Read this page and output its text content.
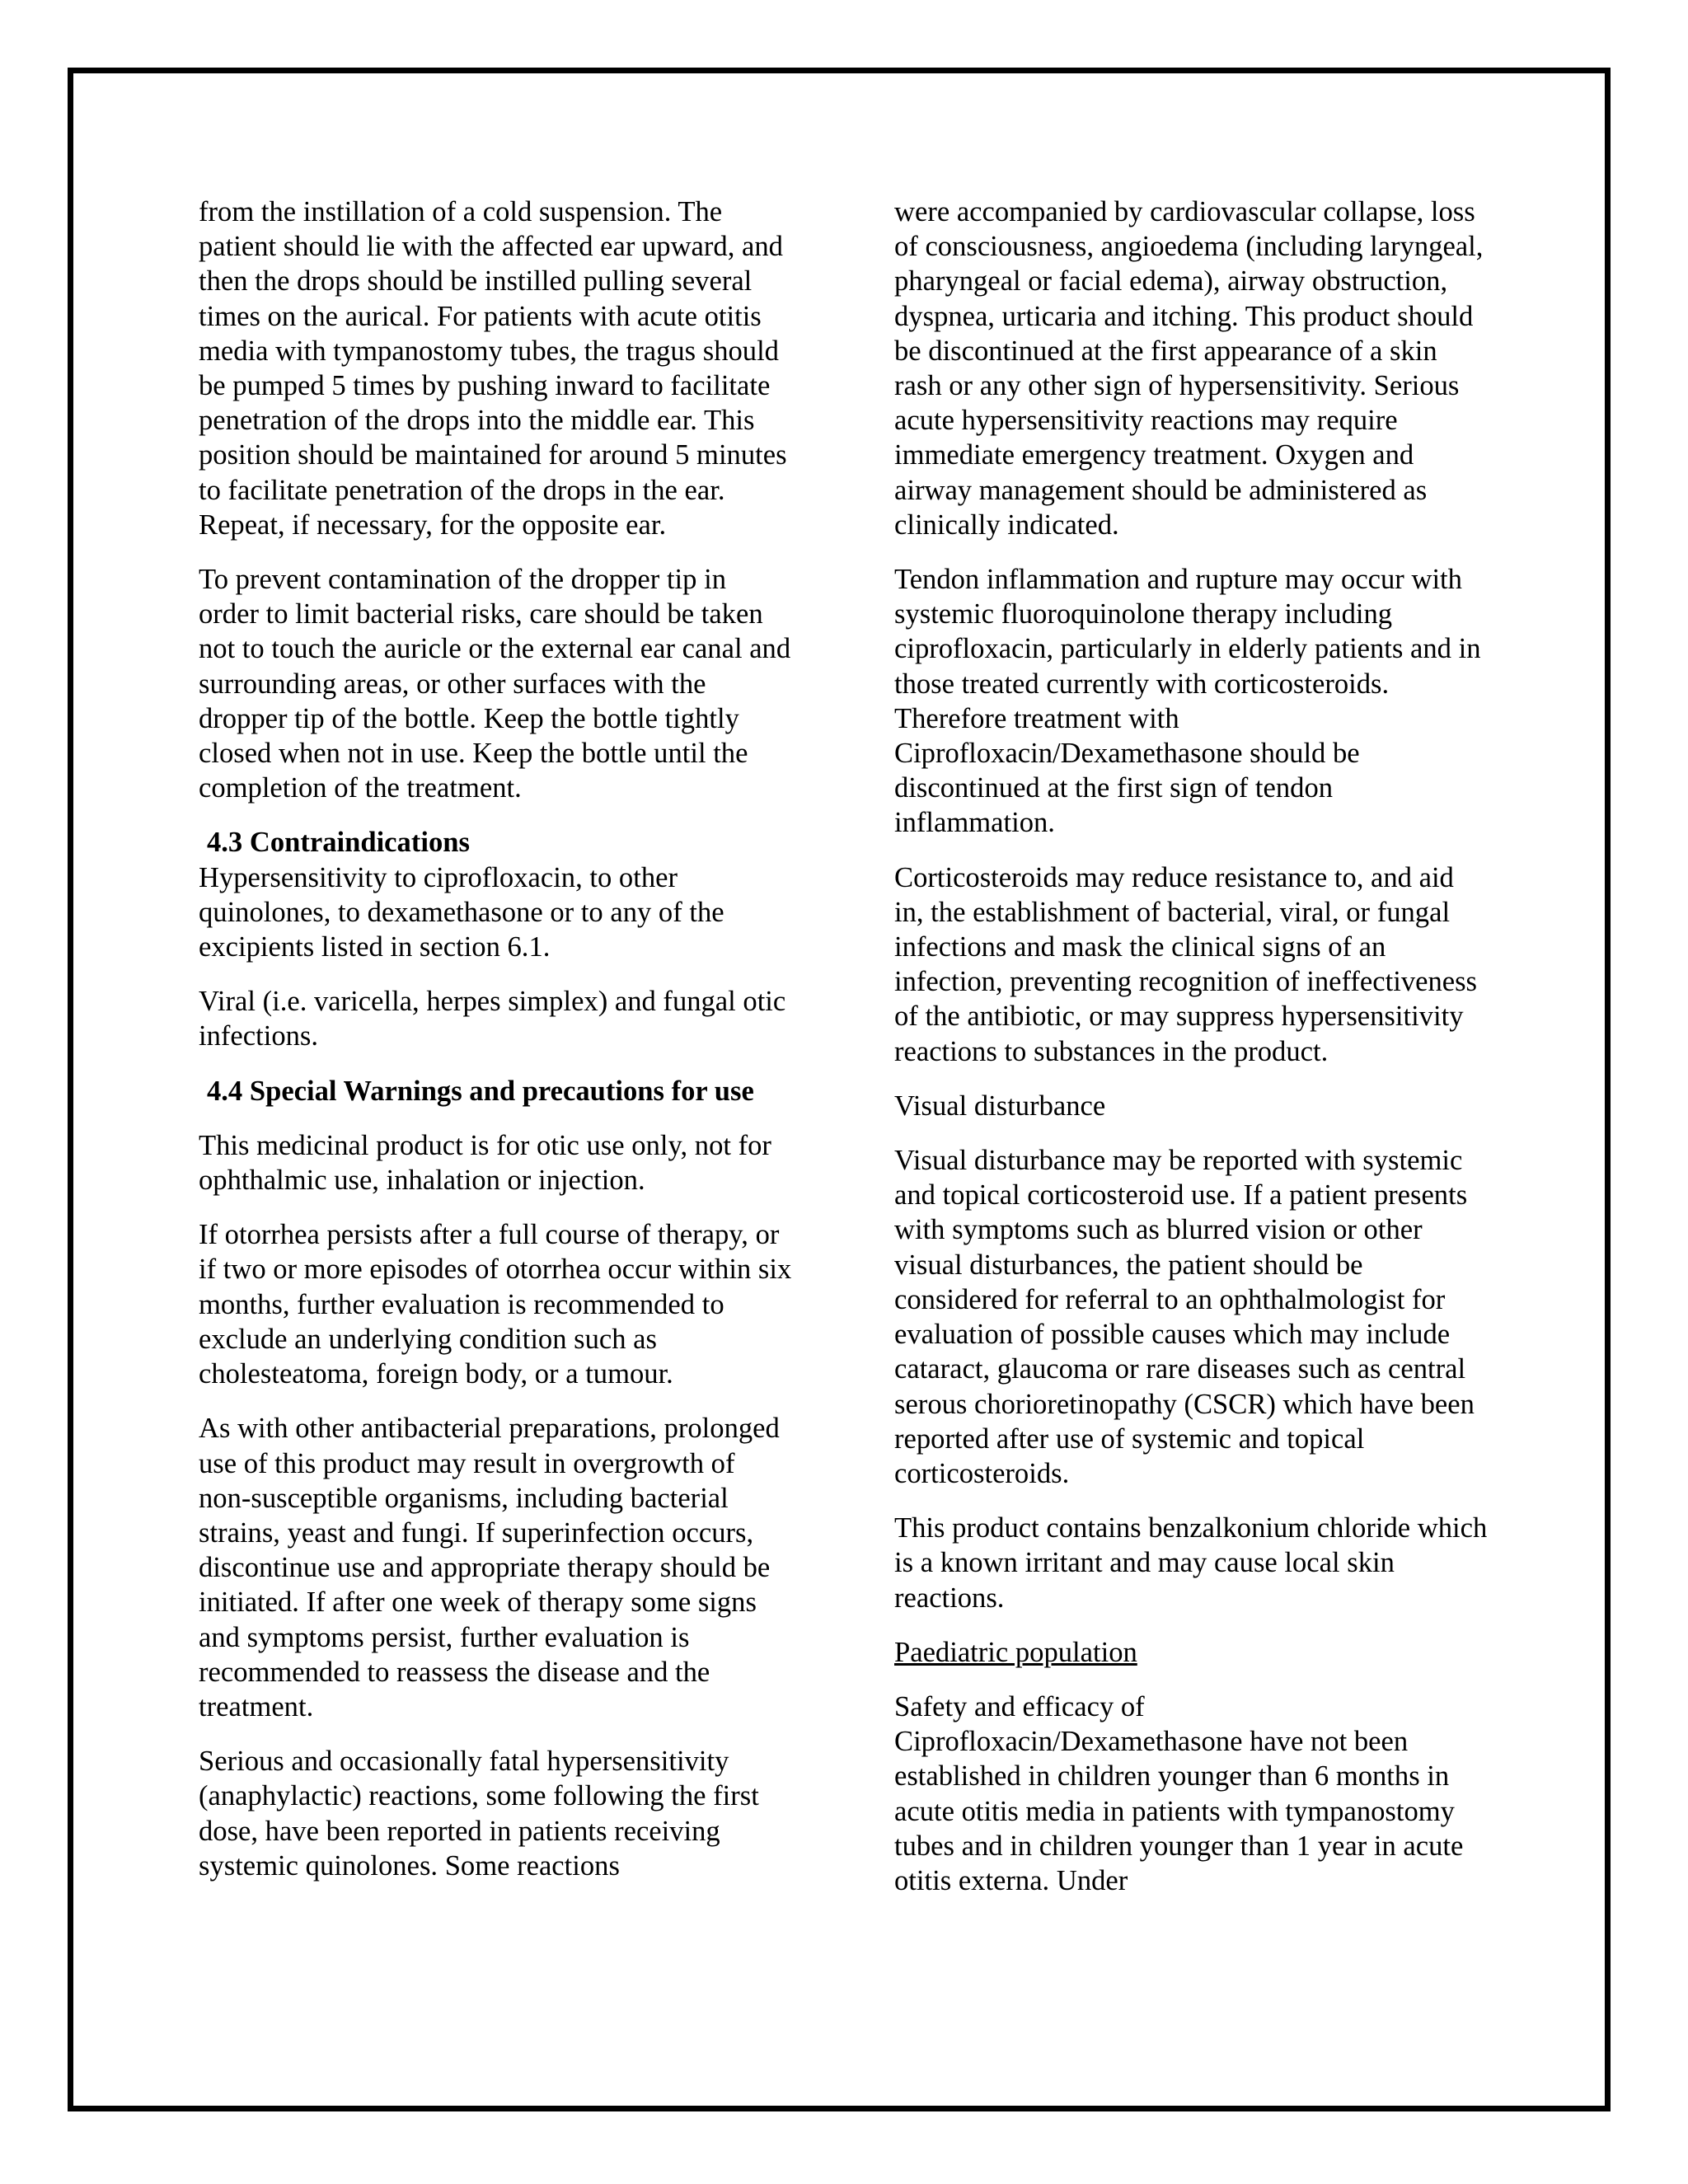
from the instillation of a cold suspension. The patient should lie with the affected ear upward, and then the drops should be instilled pulling several times on the aurical. For patients with acute otitis media with tympanostomy tubes, the tragus should be pumped 5 times by pushing inward to facilitate penetration of the drops into the middle ear. This position should be maintained for around 5 minutes to facilitate penetration of the drops in the ear. Repeat, if necessary, for the opposite ear.

To prevent contamination of the dropper tip in order to limit bacterial risks, care should be taken not to touch the auricle or the external ear canal and surrounding areas, or other surfaces with the dropper tip of the bottle. Keep the bottle tightly closed when not in use. Keep the bottle until the completion of the treatment.

4.3 Contraindications

Hypersensitivity to ciprofloxacin, to other quinolones, to dexamethasone or to any of the excipients listed in section 6.1.

Viral (i.e. varicella, herpes simplex) and fungal otic infections.

4.4 Special Warnings and precautions for use

This medicinal product is for otic use only, not for ophthalmic use, inhalation or injection.

If otorrhea persists after a full course of therapy, or if two or more episodes of otorrhea occur within six months, further evaluation is recommended to exclude an underlying condition such as cholesteatoma, foreign body, or a tumour.

As with other antibacterial preparations, prolonged use of this product may result in overgrowth of non-susceptible organisms, including bacterial strains, yeast and fungi. If superinfection occurs, discontinue use and appropriate therapy should be initiated. If after one week of therapy some signs and symptoms persist, further evaluation is recommended to reassess the disease and the treatment.

Serious and occasionally fatal hypersensitivity (anaphylactic) reactions, some following the first dose, have been reported in patients receiving systemic quinolones. Some reactions

were accompanied by cardiovascular collapse, loss of consciousness, angioedema (including laryngeal, pharyngeal or facial edema), airway obstruction, dyspnea, urticaria and itching. This product should be discontinued at the first appearance of a skin rash or any other sign of hypersensitivity. Serious acute hypersensitivity reactions may require immediate emergency treatment. Oxygen and airway management should be administered as clinically indicated.

Tendon inflammation and rupture may occur with systemic fluoroquinolone therapy including ciprofloxacin, particularly in elderly patients and in those treated currently with corticosteroids. Therefore treatment with Ciprofloxacin/Dexamethasone should be discontinued at the first sign of tendon inflammation.

Corticosteroids may reduce resistance to, and aid in, the establishment of bacterial, viral, or fungal infections and mask the clinical signs of an infection, preventing recognition of ineffectiveness of the antibiotic, or may suppress hypersensitivity reactions to substances in the product.

Visual disturbance

Visual disturbance may be reported with systemic and topical corticosteroid use. If a patient presents with symptoms such as blurred vision or other visual disturbances, the patient should be considered for referral to an ophthalmologist for evaluation of possible causes which may include cataract, glaucoma or rare diseases such as central serous chorioretinopathy (CSCR) which have been reported after use of systemic and topical corticosteroids.

This product contains benzalkonium chloride which is a known irritant and may cause local skin reactions.

Paediatric population

Safety and efficacy of Ciprofloxacin/Dexamethasone have not been established in children younger than 6 months in acute otitis media in patients with tympanostomy tubes and in children younger than 1 year in acute otitis externa. Under
